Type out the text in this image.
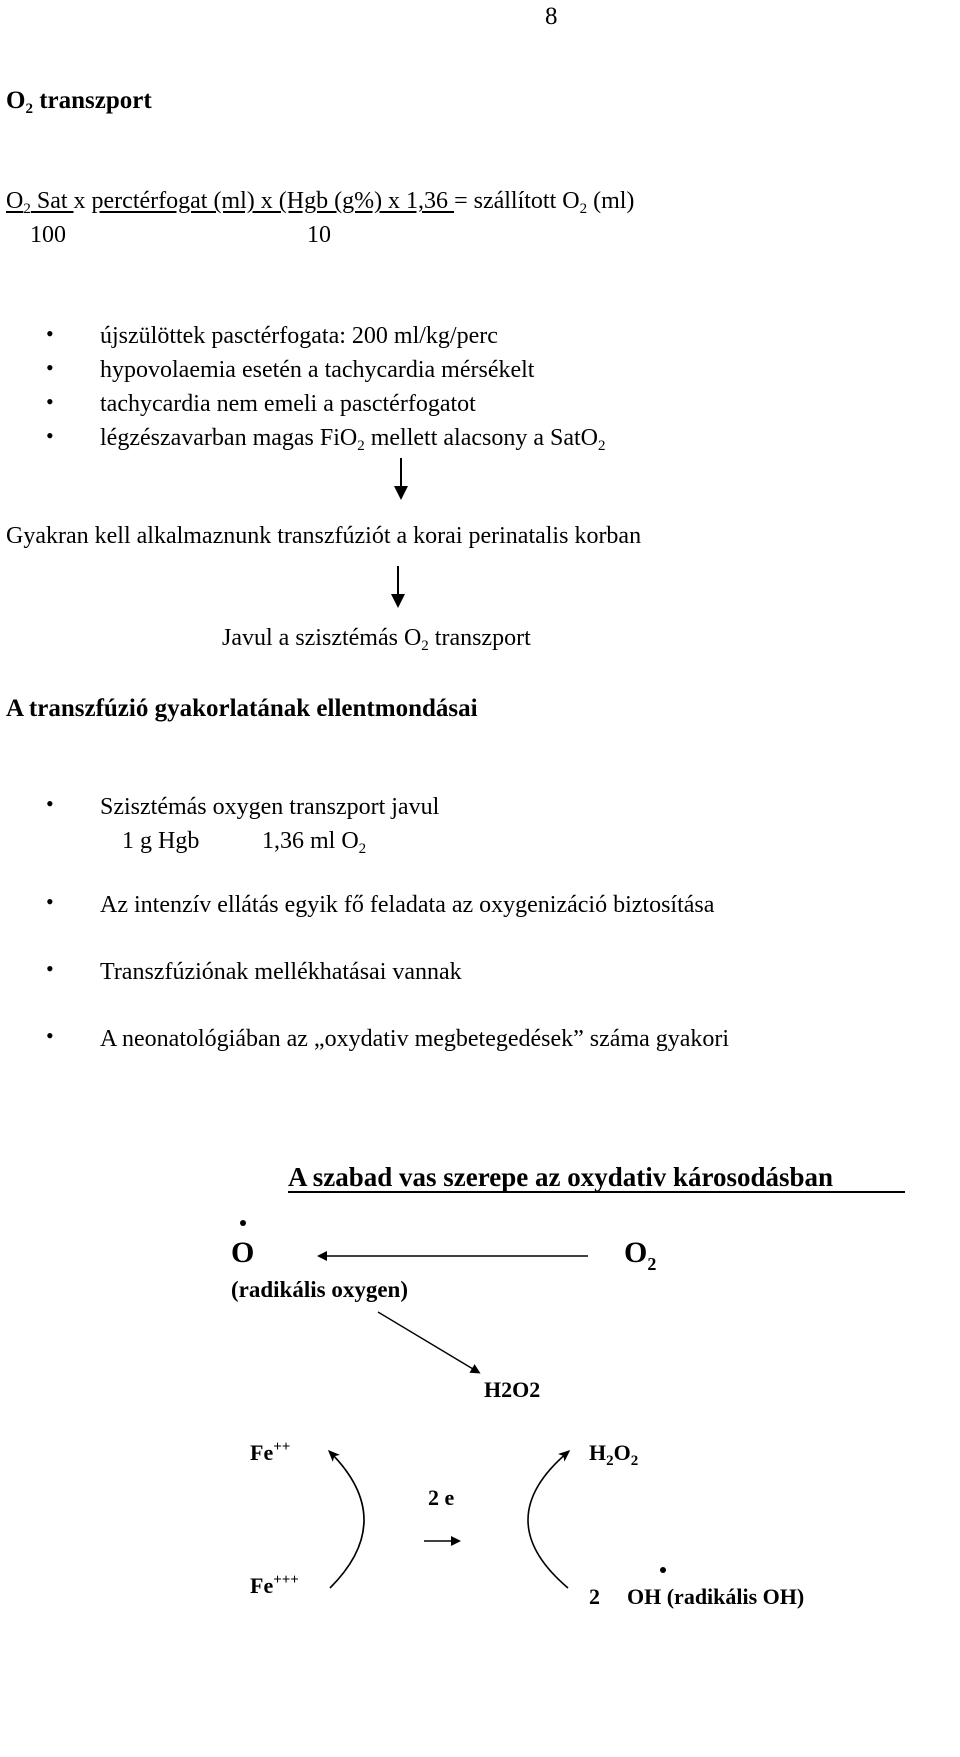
8
$O_2$ transzport
$O_2$ Sat x perctérfogat (ml) x (Hgb (g%) x 1,36 = szállított $O_2$ (ml)
100	10
• újszülöttek pasctérfogata: 200 ml/kg/perc
• hypovolaemia esetén a tachycardia mérsékelt
• tachycardia nem emeli a pasctérfogatot
• légzészavarban magas FiO$_2$ mellett alacsony a SatO$_2$
Gyakran kell alkalmaznunk transzfúziót a korai perinatalis korban
Javul a szisztémás $O_2$ transzport
A transzfúzió gyakorlatának ellentmondásai
• Szisztémás oxygen transzport javul
1 g Hgb	1,36 ml $O_2$
• Az intenzív ellátás egyik fő feladata az oxygenizáció biztosítása
• Transzfúziónak mellékhatásai vannak
• A neonatológiában az „oxydativ megbetegedések” száma gyakori
A szabad vas szerepe az oxydativ károsodásban
O
(radikális oxygen)
$O_2$
H2O2
Fe++
2 e
$H_2O_2$
Fe+++
2 OH (radikális OH)
